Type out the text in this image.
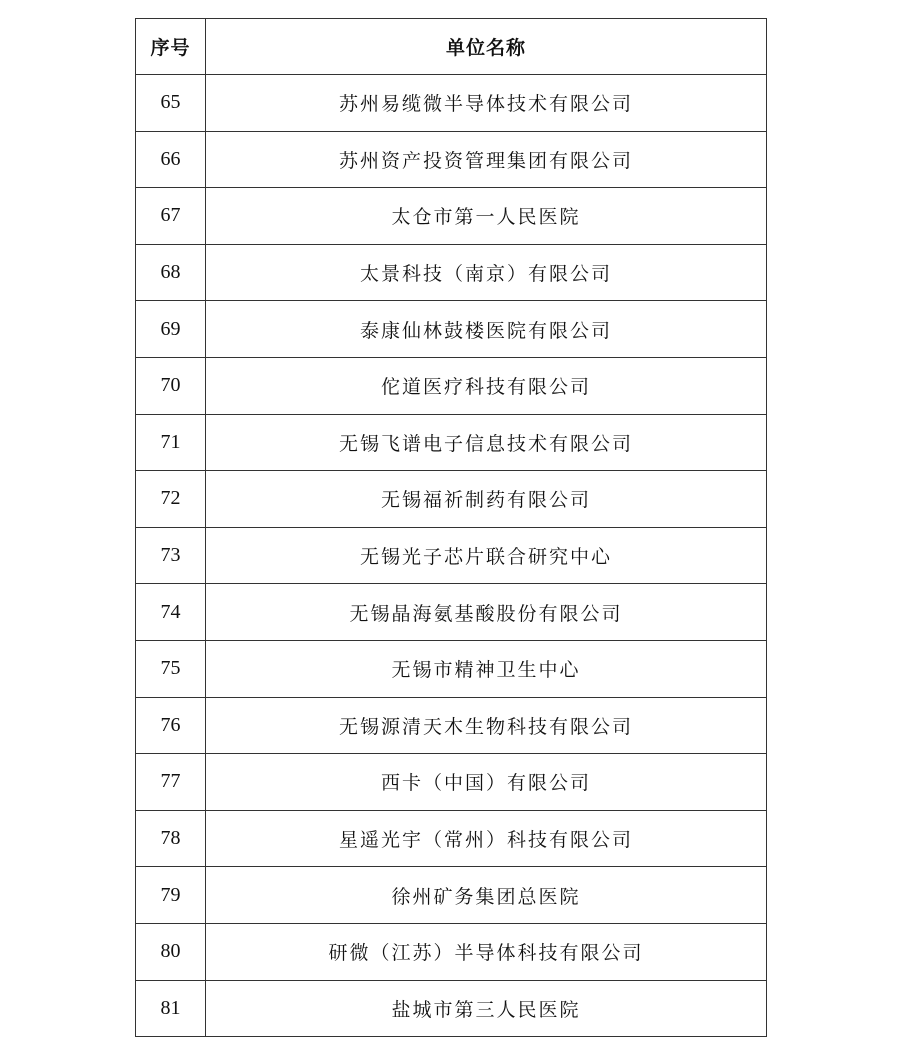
序号	单位名称
65	苏州易缆微半导体技术有限公司
66	苏州资产投资管理集团有限公司
67	太仓市第一人民医院
68	太景科技（南京）有限公司
69	泰康仙林鼓楼医院有限公司
70	佗道医疗科技有限公司
71	无锡飞谱电子信息技术有限公司
72	无锡福祈制药有限公司
73	无锡光子芯片联合研究中心
74	无锡晶海氨基酸股份有限公司
75	无锡市精神卫生中心
76	无锡源清天木生物科技有限公司
77	西卡（中国）有限公司
78	星遥光宇（常州）科技有限公司
79	徐州矿务集团总医院
80	研微（江苏）半导体科技有限公司
81	盐城市第三人民医院
